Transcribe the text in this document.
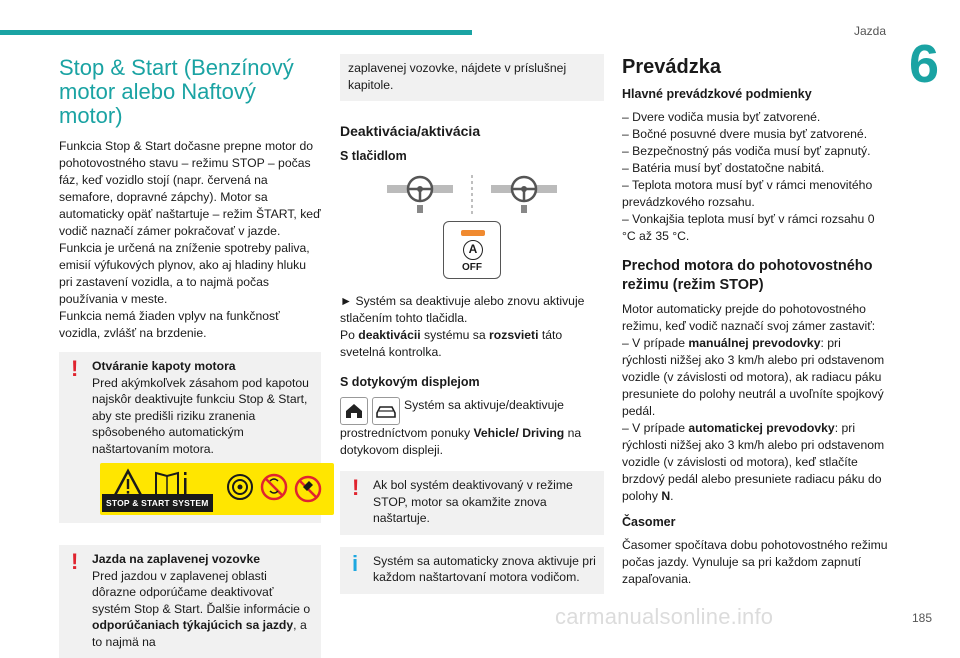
Jazda
6
Stop & Start (Benzínový motor alebo Naftový motor)

Funkcia Stop & Start dočasne prepne motor do pohotovostného stavu – režimu STOP – počas fáz, keď vozidlo stojí (napr. červená na semafore, dopravné zápchy). Motor sa automaticky opäť naštartuje – režim ŠTART, keď vodič naznačí zámer pokračovať v jazde. Funkcia je určená na zníženie spotreby paliva, emisií výfukových plynov, ako aj hladiny hluku pri zastavení vozidla, a to najmä počas používania v meste.

Funkcia nemá žiaden vplyv na funkčnosť vozidla, zvlášť na brzdenie.

!	Otváranie kapoty motora
Pred akýmkoľvek zásahom pod kapotou najskôr deaktivujte funkciu Stop & Start, aby ste predišli riziku zranenia spôsobeného automatickým naštartovaním motora.
STOP & START SYSTEM
!	Jazda na zaplavenej vozovke
Pred jazdou v zaplavenej oblasti dôrazne odporúčame deaktivovať systém Stop & Start. Ďalšie informácie o odporúčaniach týkajúcich sa jazdy, a to najmä na
zaplavenej vozovke, nájdete v príslušnej kapitole.
Deaktivácia/aktivácia
S tlačidlom
A
OFF

► Systém sa deaktivuje alebo znovu aktivuje stlačením tohto tlačidla.

Po deaktivácii systému sa rozsvieti táto svetelná kontrolka.

S dotykovým displejom

Systém sa aktivuje/deaktivuje prostredníctvom ponuky Vehicle/ Driving na dotykovom displeji.

!	Ak bol systém deaktivovaný v režime STOP, motor sa okamžite znova naštartuje.
i	Systém sa automaticky znova aktivuje pri každom naštartovaní motora vodičom.
Prevádzka
Hlavné prevádzkové podmienky

– Dvere vodiča musia byť zatvorené.

– Bočné posuvné dvere musia byť zatvorené.

– Bezpečnostný pás vodiča musí byť zapnutý.

– Batéria musí byť dostatočne nabitá.

– Teplota motora musí byť v rámci menovitého prevádzkového rozsahu.

– Vonkajšia teplota musí byť v rámci rozsahu 0 °C až 35 °C.

Prechod motora do pohotovostného režimu (režim STOP)

Motor automaticky prejde do pohotovostného režimu, keď vodič naznačí svoj zámer zastaviť:

– V prípade manuálnej prevodovky: pri rýchlosti nižšej ako 3 km/h alebo pri odstavenom vozidle (v závislosti od motora), ak radiacu páku presuniete do polohy neutrál a uvoľníte spojkový pedál.

– V prípade automatickej prevodovky: pri rýchlosti nižšej ako 3 km/h alebo pri odstavenom vozidle (v závislosti od motora), keď stlačíte brzdový pedál alebo presuniete radiacu páku do polohy N.

Časomer

Časomer spočítava dobu pohotovostného režimu počas jazdy. Vynuluje sa pri každom zapnutí zapaľovania.

carmanualsonline.info	185
